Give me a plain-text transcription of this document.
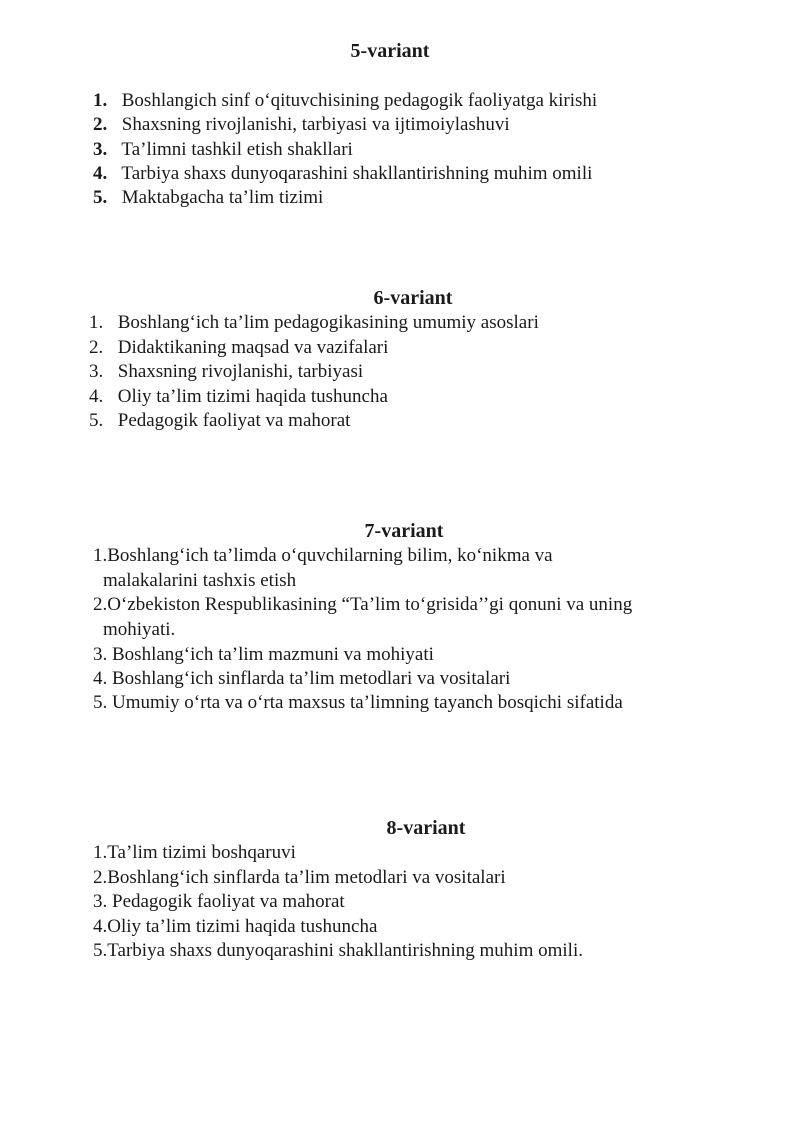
5-variant
1. Boshlangich sinf o‘qituvchisining pedagogik faoliyatga kirishi
2. Shaxsning rivojlanishi, tarbiyasi va ijtimoiylashuvi
3. Ta’limni tashkil etish shakllari
4. Tarbiya shaxs dunyoqarashini shakllantirishning muhim omili
5. Maktabgacha ta’lim tizimi
6-variant
1. Boshlang‘ich ta’lim pedagogikasining umumiy asoslari
2. Didaktikaning maqsad va vazifalari
3. Shaxsning rivojlanishi, tarbiyasi
4. Oliy ta’lim tizimi haqida tushuncha
5. Pedagogik faoliyat va mahorat
7-variant
1.Boshlang‘ich ta’limda o‘quvchilarning bilim, ko‘nikma va
malakalarini tashxis etish
2.O‘zbekiston Respublikasining “Ta’lim to‘grisida’’gi qonuni va uning
mohiyati.
3. Boshlang‘ich ta’lim mazmuni va mohiyati
4. Boshlang‘ich sinflarda ta’lim metodlari va vositalari
5. Umumiy o‘rta va o‘rta maxsus ta’limning tayanch bosqichi sifatida
8-variant
1.Ta’lim tizimi boshqaruvi
2.Boshlang‘ich sinflarda ta’lim metodlari va vositalari
3. Pedagogik faoliyat va mahorat
4.Oliy ta’lim tizimi haqida tushuncha
5.Tarbiya shaxs dunyoqarashini shakllantirishning muhim omili.
